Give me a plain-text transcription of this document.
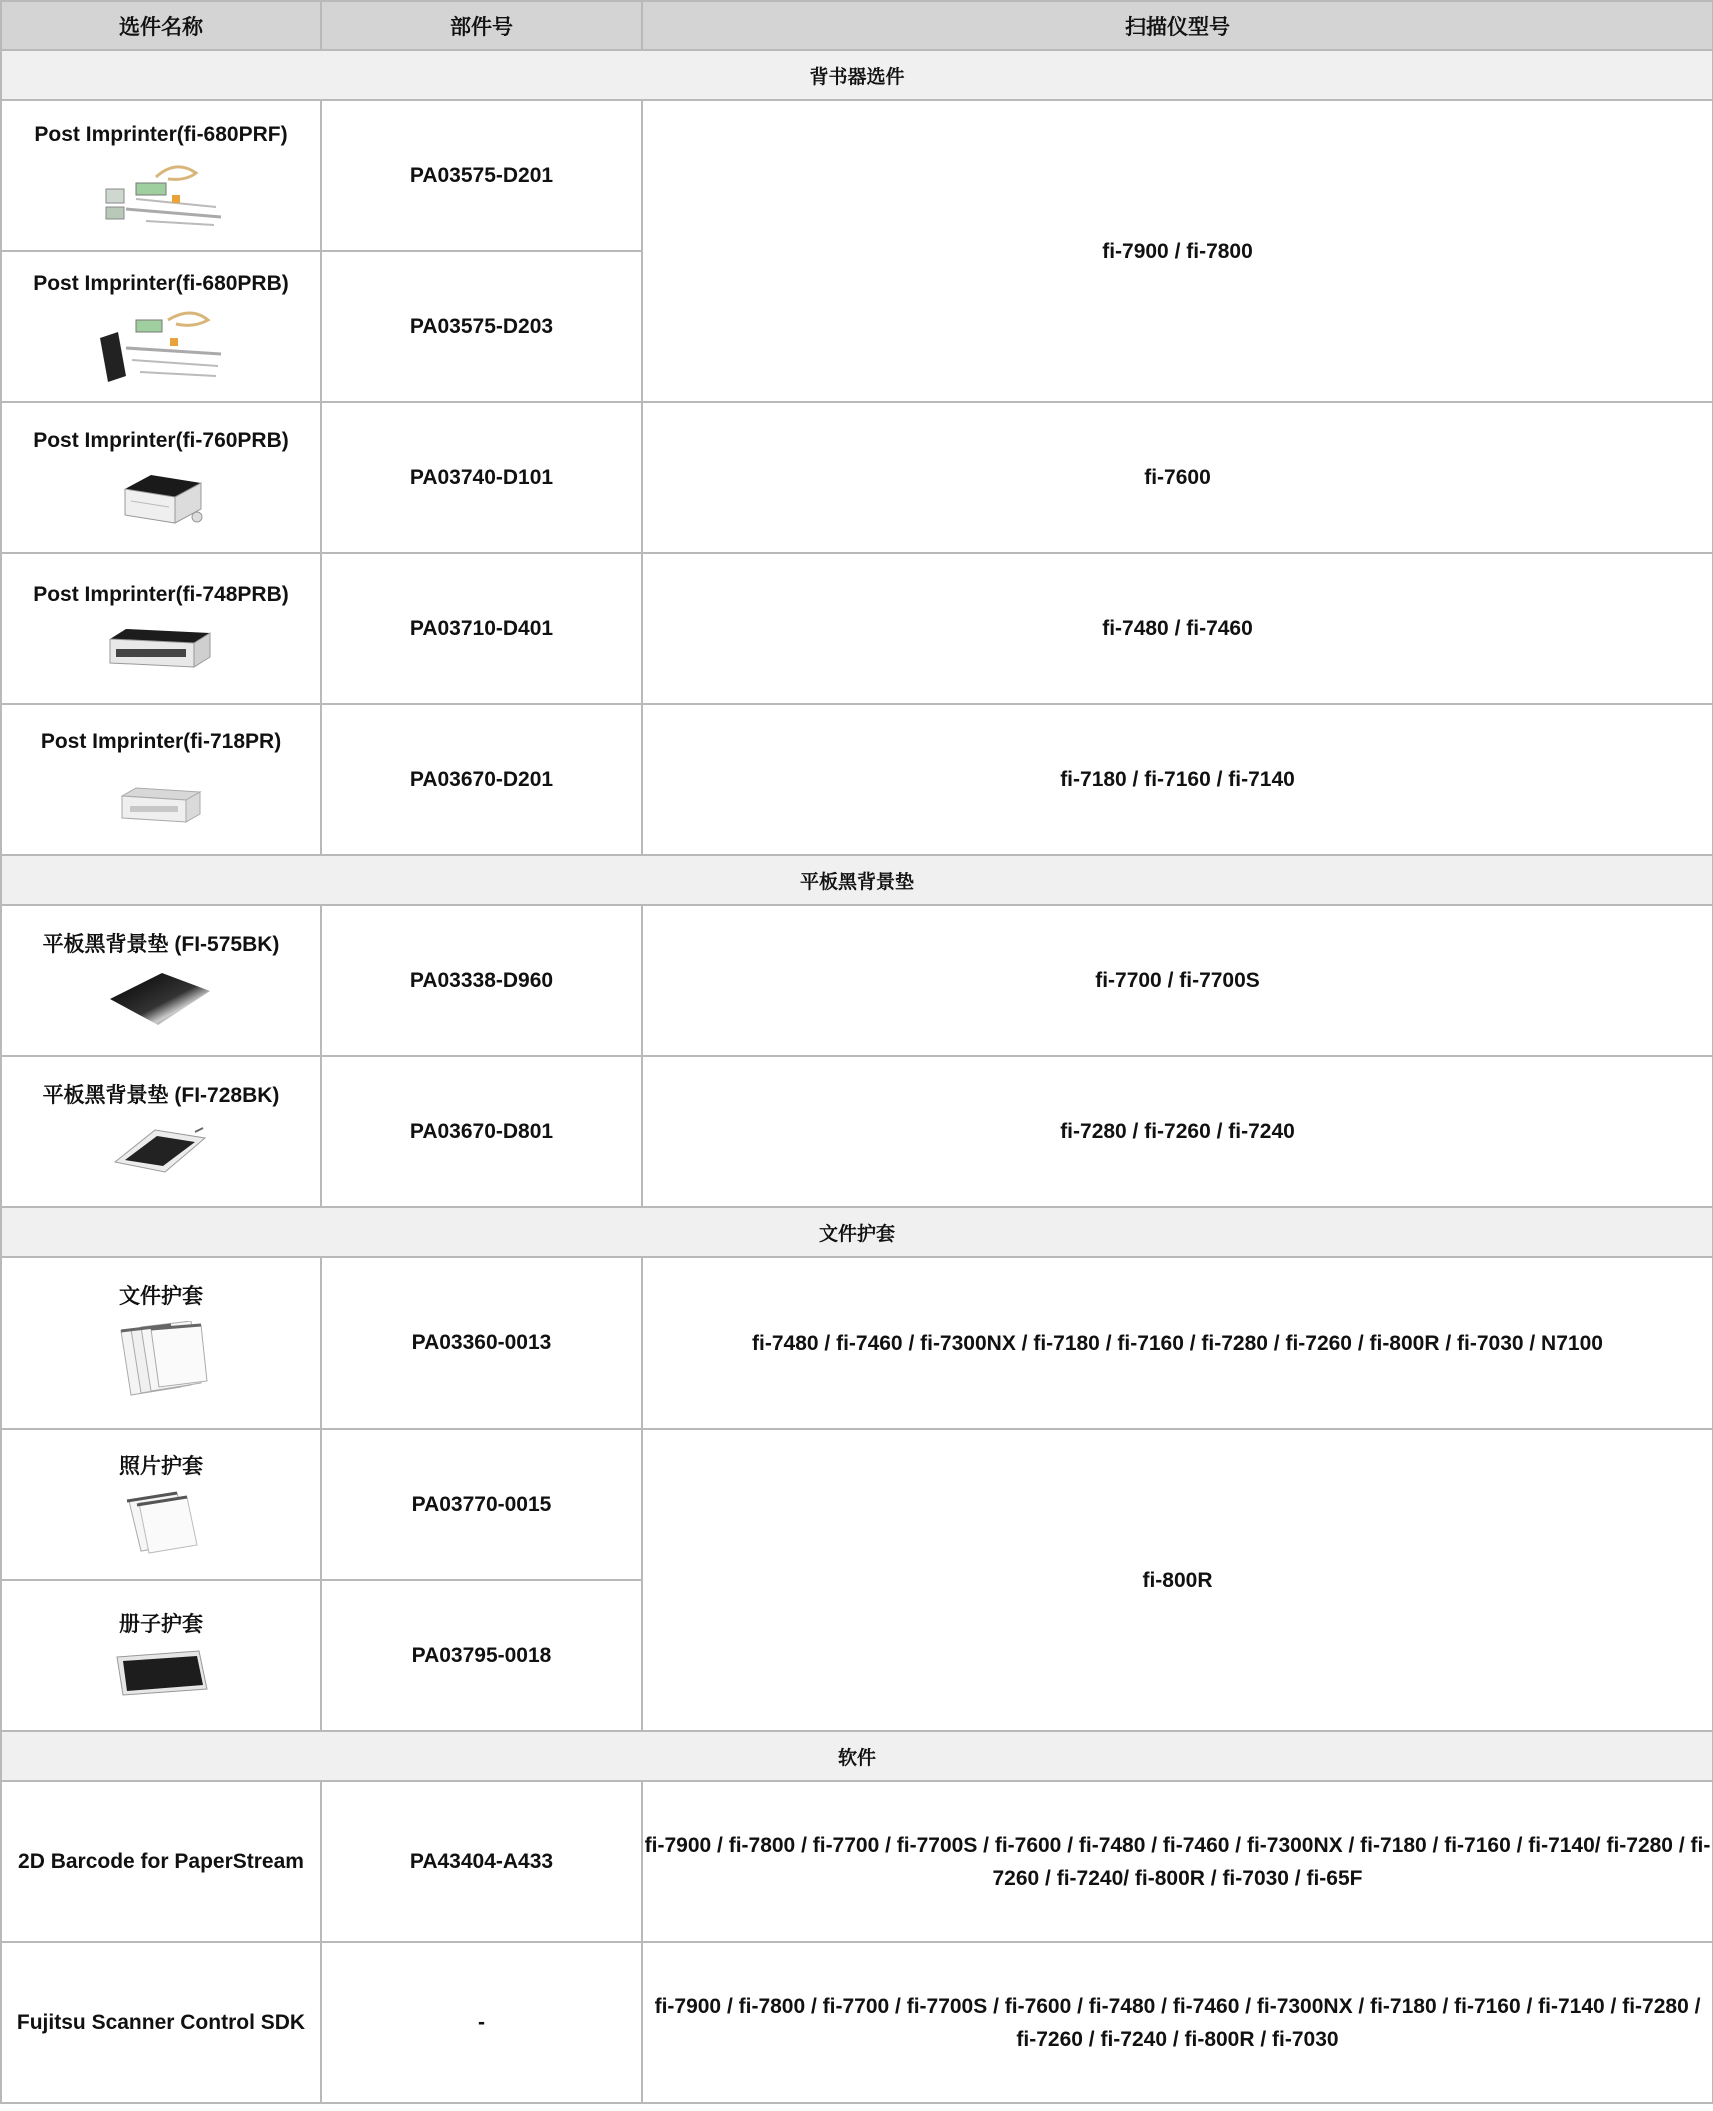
选件名称	部件号	扫描仪型号
背书器选件		

Post Imprinter(fi-680PRF)	PA03575-D201	fi-7900 / fi-7800

Post Imprinter(fi-680PRB)	PA03575-D203	

Post Imprinter(fi-760PRB)	PA03740-D101	fi-7600

Post Imprinter(fi-748PRB)	PA03710-D401	fi-7480 / fi-7460

Post Imprinter(fi-718PR)	PA03670-D201	fi-7180 / fi-7160 / fi-7140
平板黑背景垫		

平板黑背景垫 (FI-575BK)	PA03338-D960	fi-7700 / fi-7700S

平板黑背景垫 (FI-728BK)	PA03670-D801	fi-7280 / fi-7260 / fi-7240
文件护套		

文件护套	PA03360-0013	fi-7480 / fi-7460 / fi-7300NX / fi-7180 / fi-7160 / fi-7280 / fi-7260 / fi-800R / fi-7030 / N7100

照片护套	PA03770-0015	fi-800R

册子护套	PA03795-0018	
软件		

2D Barcode for PaperStream	PA43404-A433	fi-7900 / fi-7800 / fi-7700 / fi-7700S / fi-7600 / fi-7480 / fi-7460 / fi-7300NX / fi-7180 / fi-7160 / fi-7140/ fi-7280 / fi-7260 / fi-7240/ fi-800R / fi-7030 / fi-65F

Fujitsu Scanner Control SDK	-	fi-7900 / fi-7800 / fi-7700 / fi-7700S / fi-7600 / fi-7480 / fi-7460 / fi-7300NX / fi-7180 / fi-7160 / fi-7140 / fi-7280 / fi-7260 / fi-7240 / fi-800R / fi-7030
